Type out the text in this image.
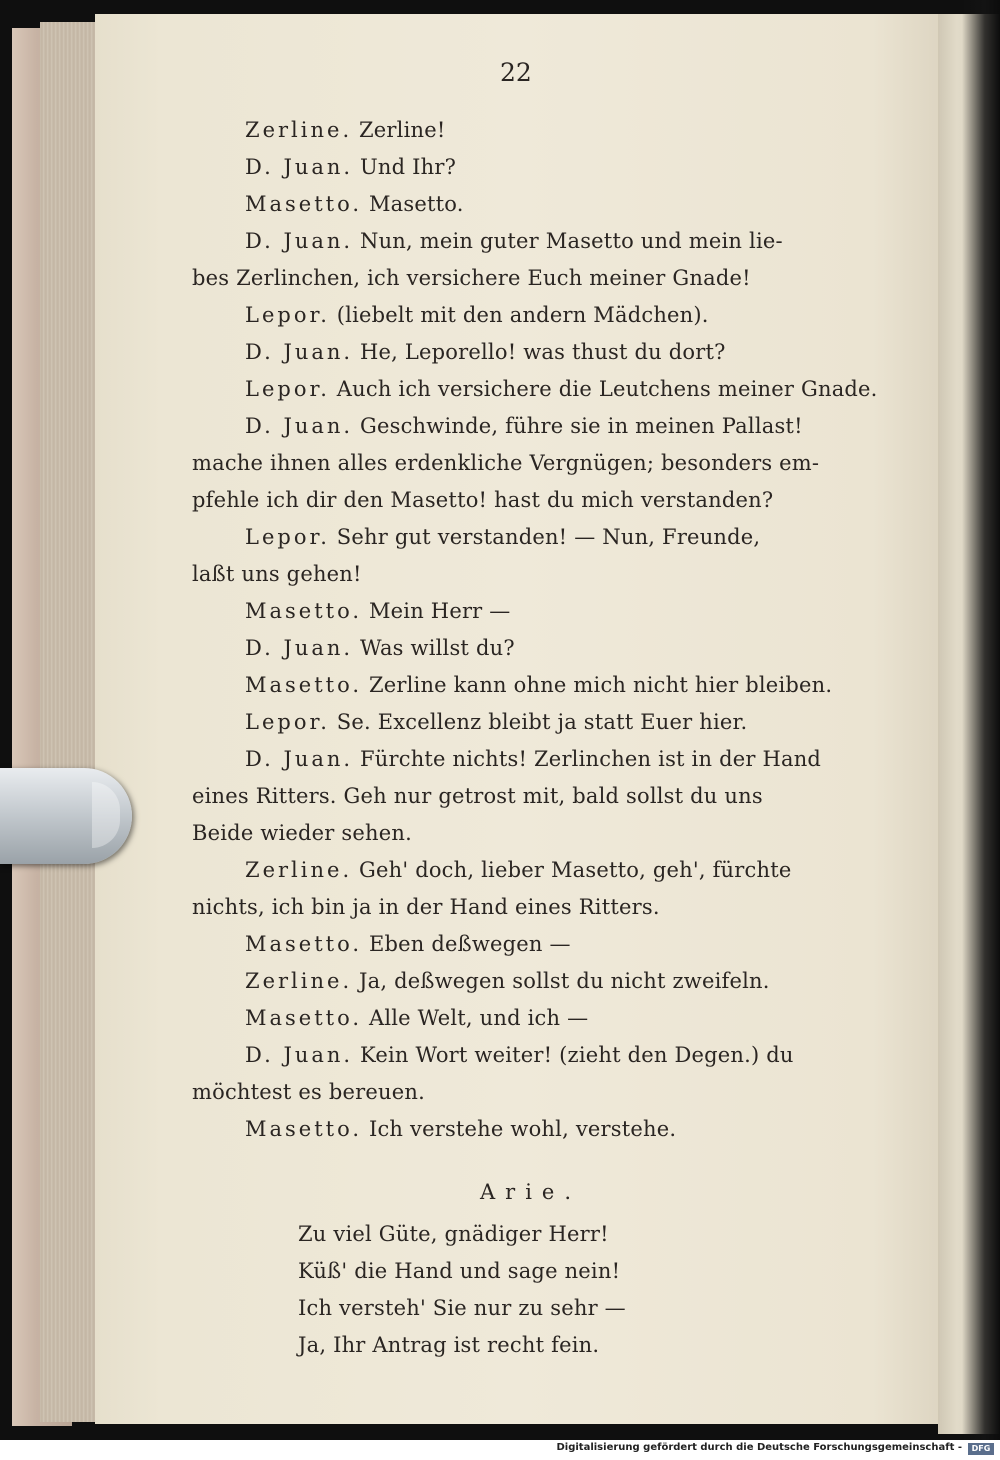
22
Zerline. Zerline!
D. Juan. Und Ihr?
Masetto. Masetto.
D. Juan. Nun, mein guter Masetto und mein lie-
bes Zerlinchen, ich versichere Euch meiner Gnade!
Lepor. (liebelt mit den andern Mädchen).
D. Juan. He, Leporello! was thust du dort?
Lepor. Auch ich versichere die Leutchens meiner Gnade.
D. Juan. Geschwinde, führe sie in meinen Pallast!
mache ihnen alles erdenkliche Vergnügen; besonders em-
pfehle ich dir den Masetto! hast du mich verstanden?
Lepor. Sehr gut verstanden! — Nun, Freunde,
laßt uns gehen!
Masetto. Mein Herr —
D. Juan. Was willst du?
Masetto. Zerline kann ohne mich nicht hier bleiben.
Lepor. Se. Excellenz bleibt ja statt Euer hier.
D. Juan. Fürchte nichts! Zerlinchen ist in der Hand
eines Ritters. Geh nur getrost mit, bald sollst du uns
Beide wieder sehen.
Zerline. Geh' doch, lieber Masetto, geh', fürchte
nichts, ich bin ja in der Hand eines Ritters.
Masetto. Eben deßwegen —
Zerline. Ja, deßwegen sollst du nicht zweifeln.
Masetto. Alle Welt, und ich —
D. Juan. Kein Wort weiter! (zieht den Degen.) du
möchtest es bereuen.
Masetto. Ich verstehe wohl, verstehe.
Arie.
Zu viel Güte, gnädiger Herr!
Küß' die Hand und sage nein!
Ich versteh' Sie nur zu sehr —
Ja, Ihr Antrag ist recht fein.
Digitalisierung gefördert durch die Deutsche Forschungsgemeinschaft -	DFG
